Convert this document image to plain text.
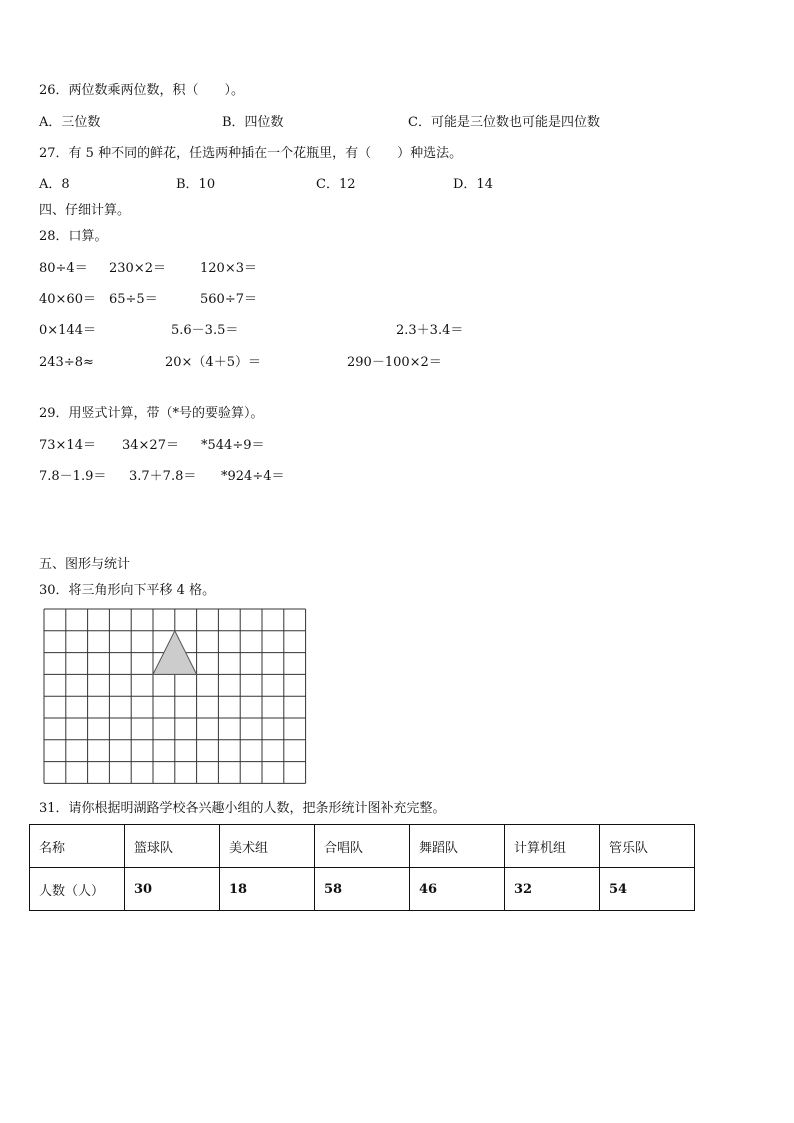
26．两位数乘两位数，积（　　）。
A．三位数	B．四位数	C．可能是三位数也可能是四位数
27．有 5 种不同的鲜花，任选两种插在一个花瓶里，有（　　）种选法。
A．8	B．10	C．12	D．14
四、仔细计算。
28．口算。
80÷4＝ 230×2＝	120×3＝
40×60＝ 65÷5＝	560÷7＝
0×144＝	5.6－3.5＝	2.3＋3.4＝
243÷8≈	20×（4＋5）＝	290－100×2＝
29．用竖式计算，带（*号的要验算）。
73×14＝ 34×27＝ *544÷9＝
7.8－1.9＝ 3.7＋7.8＝ *924÷4＝
五、图形与统计
30．将三角形向下平移 4 格。
31．请你根据明湖路学校各兴趣小组的人数，把条形统计图补充完整。
名称	篮球队	美术组	合唱队	舞蹈队	计算机组	管乐队
人数（人）	30	18	58	46	32	54
